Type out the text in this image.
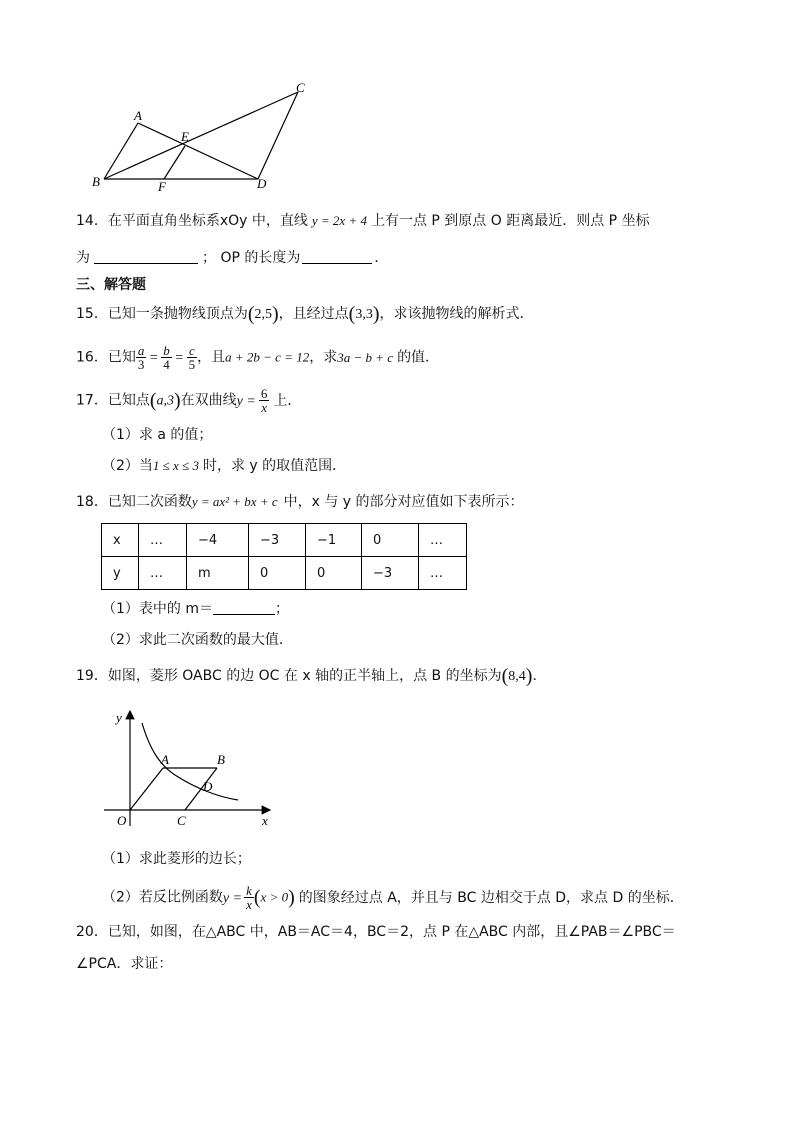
A
B
C
D
E
F
14．在平面直角坐标系xOy 中，直线 y = 2x + 4 上有一点 P 到原点 O 距离最近．则点 P 坐标
为	； OP 的长度为	．
三、解答题
15．已知一条抛物线顶点为(2,5)，且经过点(3,3)，求该抛物线的解析式．
16．已知 $\frac{a}{3} = \frac{b}{4} = \frac{c}{5}$ ，且a + 2b − c = 12，求3a − b + c 的值．
17．已知点(a,3)在双曲线$y = \frac{6}{x}$ 上．
（1）求 a 的值；
（2）当1 ≤ x ≤ 3 时，求 y 的取值范围．
18．已知二次函数y = ax² + bx + c 中，x 与 y 的部分对应值如下表所示：
x	…	−4	−3	−1	0	…
y	…	m	0	0	−3	…
（1）表中的 m＝	；
（2）求此二次函数的最大值．
19．如图，菱形 OABC 的边 OC 在 x 轴的正半轴上，点 B 的坐标为(8,4)．
y
x
O
A	B
C
D
（1）求此菱形的边长；
（2）若反比例函数$y = \frac{k}{x} (x > 0)$ 的图象经过点 A，并且与 BC 边相交于点 D，求点 D 的坐标．
20．已知，如图，在△ABC 中，AB＝AC＝4，BC＝2，点 P 在△ABC 内部，且∠PAB＝∠PBC＝
∠PCA．求证：
